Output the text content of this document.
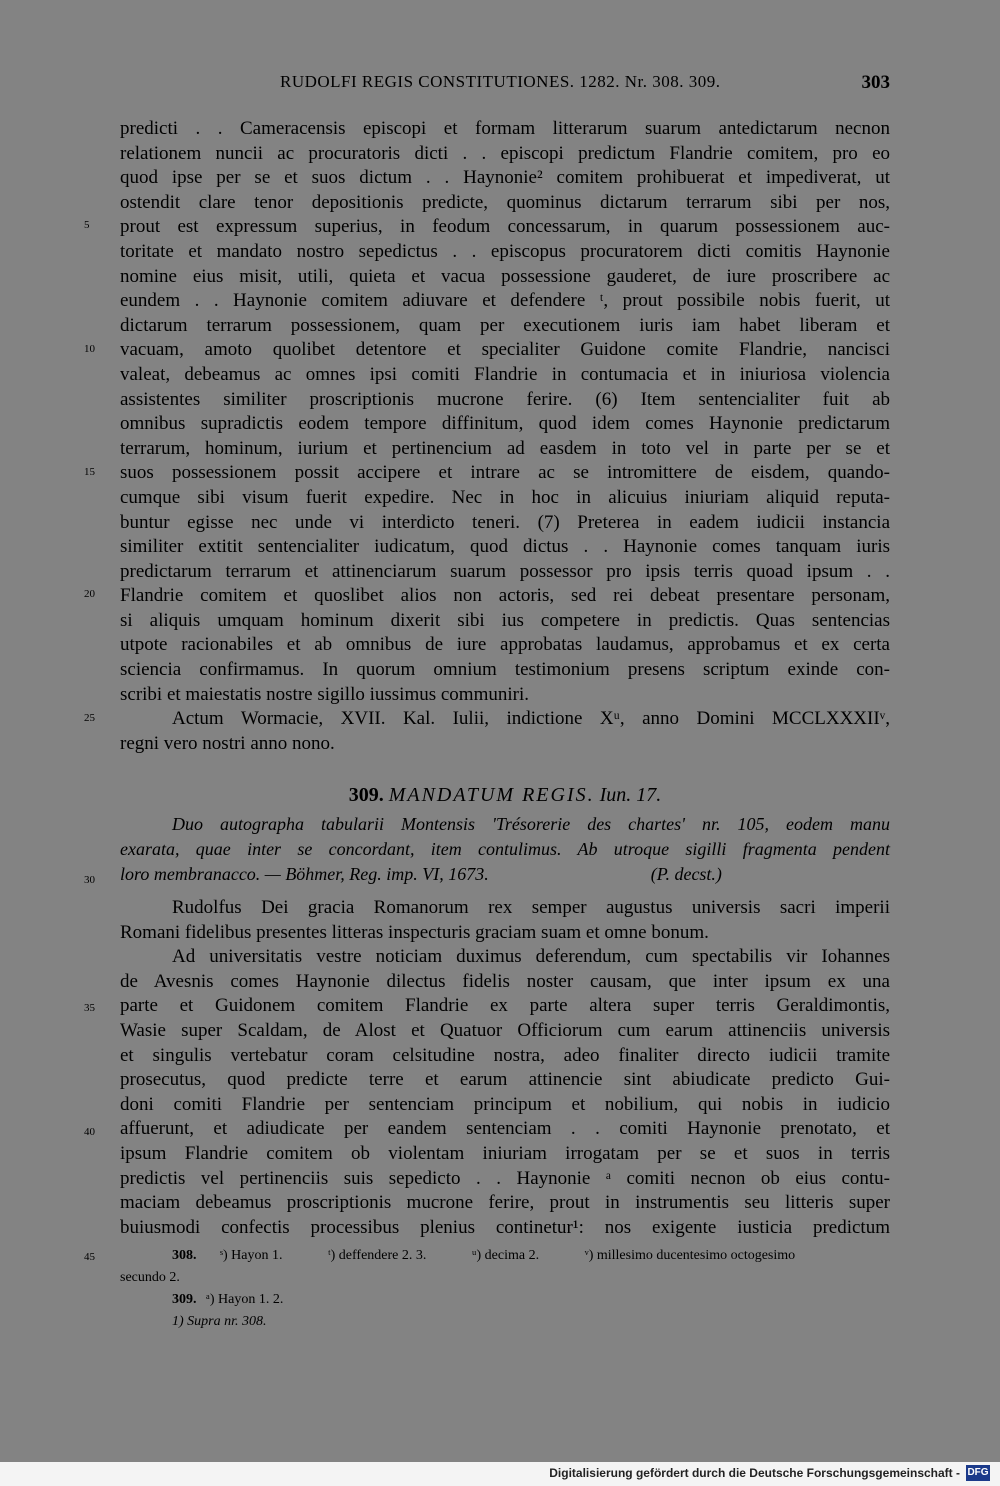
RUDOLFI REGIS CONSTITUTIONES. 1282. Nr. 308. 309.	303
5
10
15
20
25
30
35
40
45
predicti . . Cameracensis episcopi et formam litterarum suarum antedictarum necnon
relationem nuncii ac procuratoris dicti . . episcopi predictum Flandrie comitem, pro eo
quod ipse per se et suos dictum . . Haynonie² comitem prohibuerat et impediverat, ut
ostendit clare tenor depositionis predicte, quominus dictarum terrarum sibi per nos,
prout est expressum superius, in feodum concessarum, in quarum possessionem auc-
toritate et mandato nostro sepedictus . . episcopus procuratorem dicti comitis Haynonie
nomine eius misit, utili, quieta et vacua possessione gauderet, de iure proscribere ac
eundem . . Haynonie comitem adiuvare et defendere ᵗ, prout possibile nobis fuerit, ut
dictarum terrarum possessionem, quam per executionem iuris iam habet liberam et
vacuam, amoto quolibet detentore et specialiter Guidone comite Flandrie, nancisci
valeat, debeamus ac omnes ipsi comiti Flandrie in contumacia et in iniuriosa violencia
assistentes similiter proscriptionis mucrone ferire. (6) Item sentencialiter fuit ab
omnibus supradictis eodem tempore diffinitum, quod idem comes Haynonie predictarum
terrarum, hominum, iurium et pertinencium ad easdem in toto vel in parte per se et
suos possessionem possit accipere et intrare ac se intromittere de eisdem, quando-
cumque sibi visum fuerit expedire. Nec in hoc in alicuius iniuriam aliquid reputa-
buntur egisse nec unde vi interdicto teneri. (7) Preterea in eadem iudicii instancia
similiter extitit sentencialiter iudicatum, quod dictus . . Haynonie comes tanquam iuris
predictarum terrarum et attinenciarum suarum possessor pro ipsis terris quoad ipsum . .
Flandrie comitem et quoslibet alios non actoris, sed rei debeat presentare personam,
si aliquis umquam hominum dixerit sibi ius competere in predictis. Quas sentencias
utpote racionabiles et ab omnibus de iure approbatas laudamus, approbamus et ex certa
sciencia confirmamus. In quorum omnium testimonium presens scriptum exinde con-
scribi et maiestatis nostre sigillo iussimus communiri.
Actum Wormacie, XVII. Kal. Iulii, indictione Xᵘ, anno Domini MCCLXXXIIᵛ,
regni vero nostri anno nono.
309. MANDATUM REGIS. Iun. 17.
Duo autographa tabularii Montensis 'Trésorerie des chartes' nr. 105, eodem manu
exarata, quae inter se concordant, item contulimus. Ab utroque sigilli fragmenta pendent
loro membranacco. — Böhmer, Reg. imp. VI, 1673.                                    (P. decst.)
Rudolfus Dei gracia Romanorum rex semper augustus universis sacri imperii
Romani fidelibus presentes litteras inspecturis graciam suam et omne bonum.
Ad universitatis vestre noticiam duximus deferendum, cum spectabilis vir Iohannes
de Avesnis comes Haynonie dilectus fidelis noster causam, que inter ipsum ex una
parte et Guidonem comitem Flandrie ex parte altera super terris Geraldimontis,
Wasie super Scaldam, de Alost et Quatuor Officiorum cum earum attinenciis universis
et singulis vertebatur coram celsitudine nostra, adeo finaliter directo iudicii tramite
prosecutus, quod predicte terre et earum attinencie sint abiudicate predicto Gui-
doni comiti Flandrie per sentenciam principum et nobilium, qui nobis in iudicio
affuerunt, et adiudicate per eandem sentenciam . . comiti Haynonie prenotato, et
ipsum Flandrie comitem ob violentam iniuriam irrogatam per se et suos in terris
predictis vel pertinenciis suis sepedicto . . Haynonie ᵃ comiti necnon ob eius contu-
maciam debeamus proscriptionis mucrone ferire, prout in instrumentis seu litteris super
buiusmodi confectis processibus plenius continetur¹: nos exigente iusticia predictum
308. ˢ) Hayon 1.	ᵗ) deffendere 2. 3.	ᵘ) decima 2.	ᵛ) millesimo ducentesimo octogesimo
secundo 2.
309. ᵃ) Hayon 1. 2.
1) Supra nr. 308.
Digitalisierung gefördert durch die Deutsche Forschungsgemeinschaft - DFG
